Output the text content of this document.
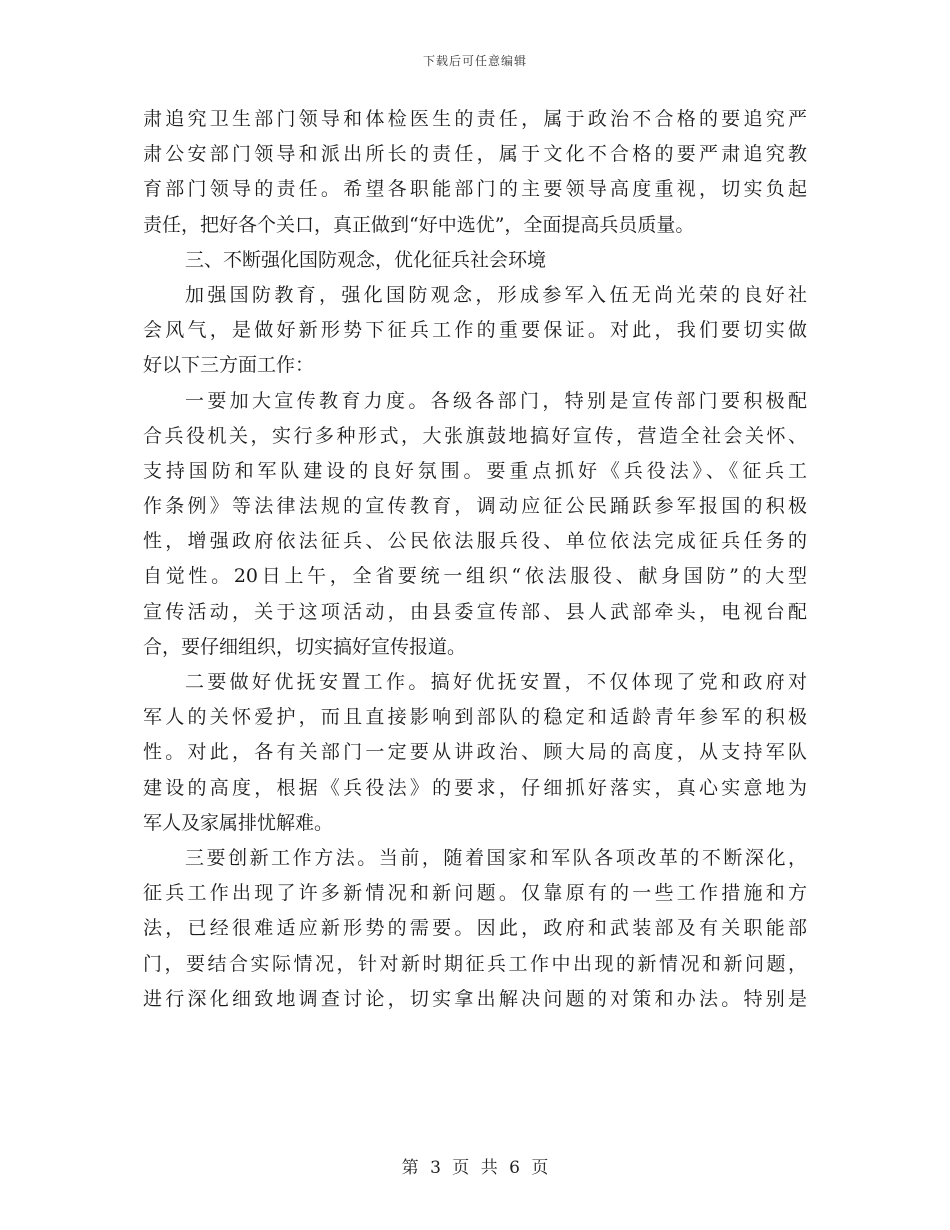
下载后可任意编辑
肃追究卫生部门领导和体检医生的责任，属于政治不合格的要追究严
肃公安部门领导和派出所长的责任，属于文化不合格的要严肃追究教
育部门领导的责任。希望各职能部门的主要领导高度重视，切实负起
责任，把好各个关口，真正做到“好中选优”，全面提高兵员质量。
三、不断强化国防观念，优化征兵社会环境
加强国防教育，强化国防观念，形成参军入伍无尚光荣的良好社
会风气，是做好新形势下征兵工作的重要保证。对此，我们要切实做
好以下三方面工作：
一要加大宣传教育力度。各级各部门，特别是宣传部门要积极配
合兵役机关，实行多种形式，大张旗鼓地搞好宣传，营造全社会关怀、
支持国防和军队建设的良好氛围。要重点抓好《兵役法》、《征兵工
作条例》等法律法规的宣传教育，调动应征公民踊跃参军报国的积极
性，增强政府依法征兵、公民依法服兵役、单位依法完成征兵任务的
自觉性。20日上午，全省要统一组织“依法服役、献身国防”的大型
宣传活动，关于这项活动，由县委宣传部、县人武部牵头，电视台配
合，要仔细组织，切实搞好宣传报道。
二要做好优抚安置工作。搞好优抚安置，不仅体现了党和政府对
军人的关怀爱护，而且直接影响到部队的稳定和适龄青年参军的积极
性。对此，各有关部门一定要从讲政治、顾大局的高度，从支持军队
建设的高度，根据《兵役法》的要求，仔细抓好落实，真心实意地为
军人及家属排忧解难。
三要创新工作方法。当前，随着国家和军队各项改革的不断深化，
征兵工作出现了许多新情况和新问题。仅靠原有的一些工作措施和方
法，已经很难适应新形势的需要。因此，政府和武装部及有关职能部
门，要结合实际情况，针对新时期征兵工作中出现的新情况和新问题，
进行深化细致地调查讨论，切实拿出解决问题的对策和办法。特别是
第 3 页 共 6 页
